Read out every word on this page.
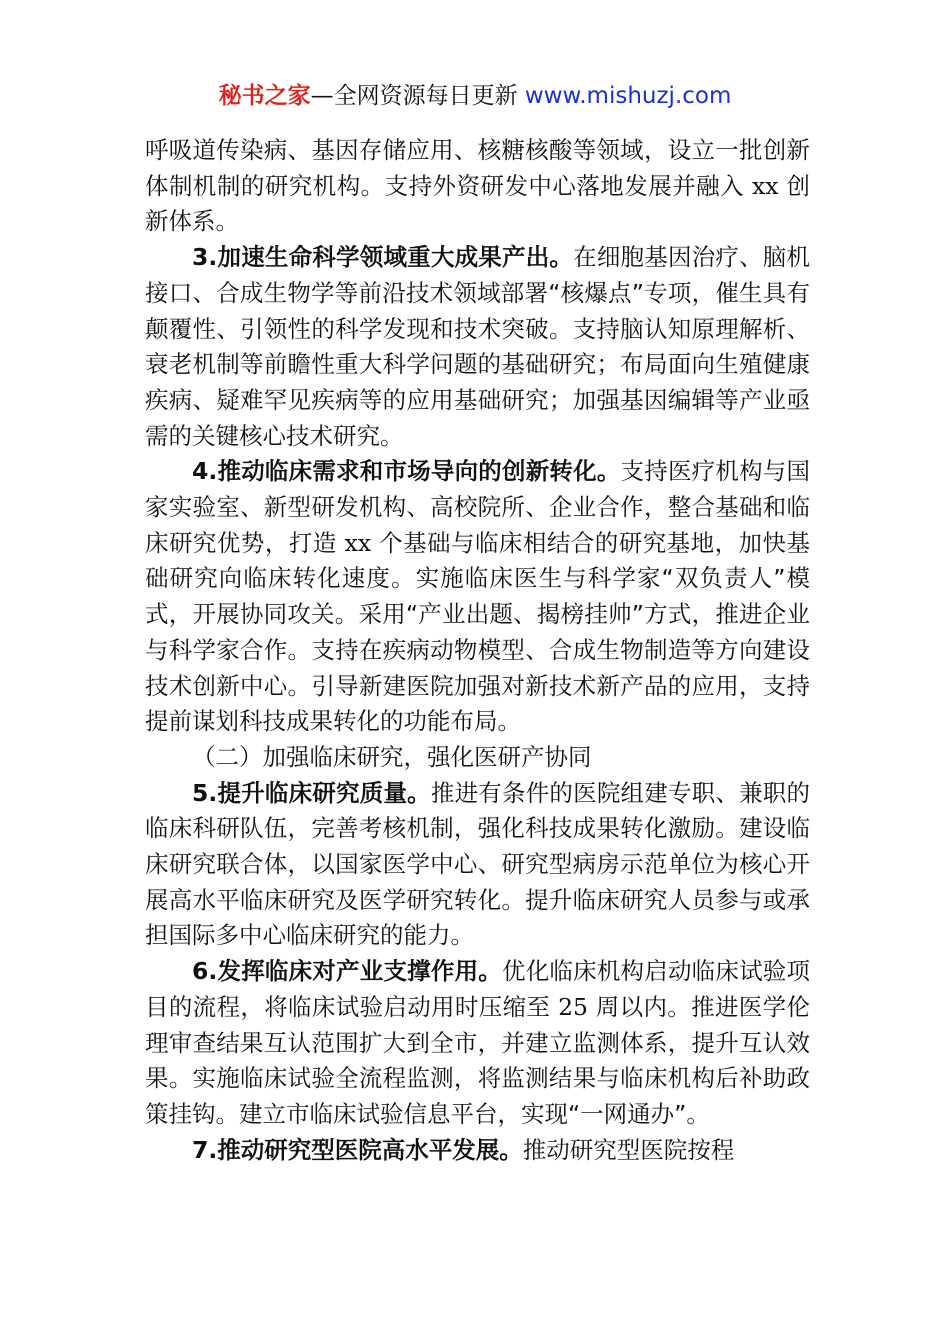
秘书之家—全网资源每日更新 www.mishuzj.com

呼吸道传染病、基因存储应用、核糖核酸等领域，设立一批创新体制机制的研究机构。支持外资研发中心落地发展并融入 xx 创新体系。

3.加速生命科学领域重大成果产出。在细胞基因治疗、脑机接口、合成生物学等前沿技术领域部署“核爆点”专项，催生具有颠覆性、引领性的科学发现和技术突破。支持脑认知原理解析、衰老机制等前瞻性重大科学问题的基础研究；布局面向生殖健康疾病、疑难罕见疾病等的应用基础研究；加强基因编辑等产业亟需的关键核心技术研究。

4.推动临床需求和市场导向的创新转化。支持医疗机构与国家实验室、新型研发机构、高校院所、企业合作，整合基础和临床研究优势，打造 xx 个基础与临床相结合的研究基地，加快基础研究向临床转化速度。实施临床医生与科学家“双负责人”模式，开展协同攻关。采用“产业出题、揭榜挂帅”方式，推进企业与科学家合作。支持在疾病动物模型、合成生物制造等方向建设技术创新中心。引导新建医院加强对新技术新产品的应用，支持提前谋划科技成果转化的功能布局。

（二）加强临床研究，强化医研产协同

5.提升临床研究质量。推进有条件的医院组建专职、兼职的临床科研队伍，完善考核机制，强化科技成果转化激励。建设临床研究联合体，以国家医学中心、研究型病房示范单位为核心开展高水平临床研究及医学研究转化。提升临床研究人员参与或承担国际多中心临床研究的能力。

6.发挥临床对产业支撑作用。优化临床机构启动临床试验项目的流程，将临床试验启动用时压缩至 25 周以内。推进医学伦理审查结果互认范围扩大到全市，并建立监测体系，提升互认效果。实施临床试验全流程监测，将监测结果与临床机构后补助政策挂钩。建立市临床试验信息平台，实现“一网通办”。

7.推动研究型医院高水平发展。推动研究型医院按程
